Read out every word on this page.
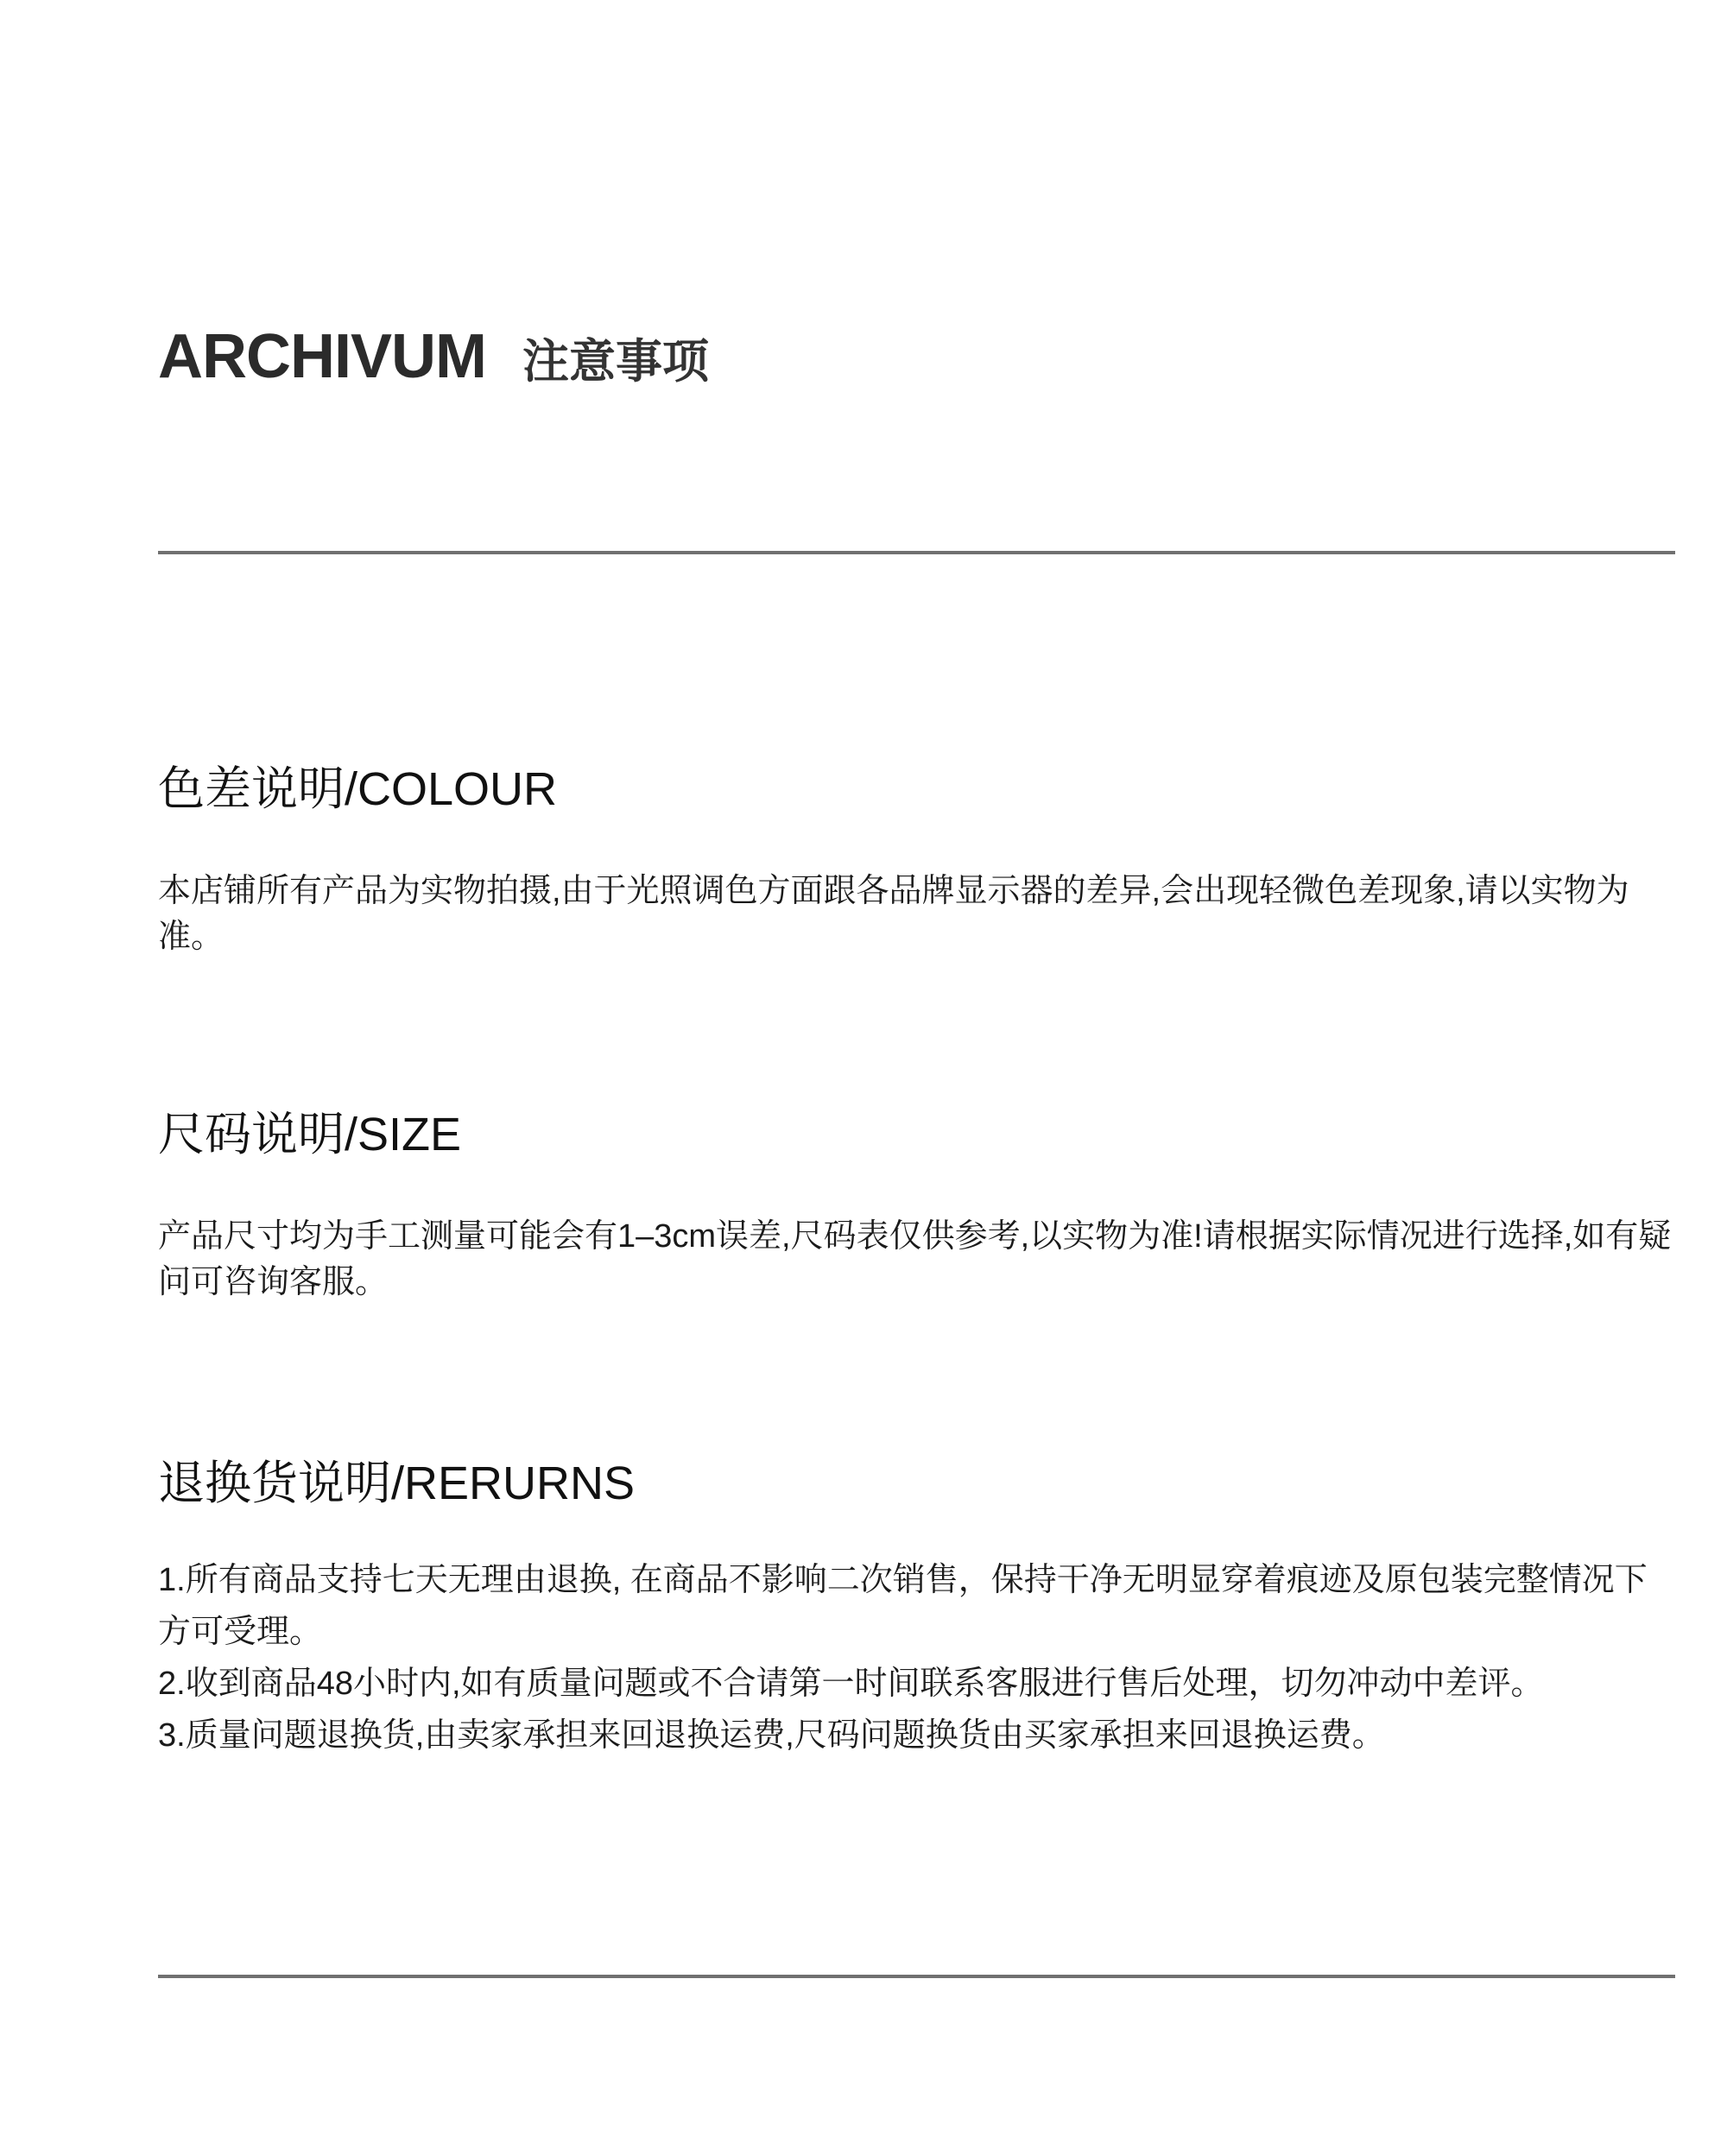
ARCHIVUM 注意事项
色差说明/COLOUR

本店铺所有产品为实物拍摄,由于光照调色方面跟各品牌显示器的差异,会出现轻微色差现象,请以实物为准。

尺码说明/SIZE

产品尺寸均为手工测量可能会有1–3cm误差,尺码表仅供参考,以实物为准!请根据实际情况进行选择,如有疑问可咨询客服。

退换货说明/RERURNS

1.所有商品支持七天无理由退换, 在商品不影响二次销售，保持干净无明显穿着痕迹及原包装完整情况下方可受理。

2.收到商品48小时内,如有质量问题或不合请第一时间联系客服进行售后处理，切勿冲动中差评。

3.质量问题退换货,由卖家承担来回退换运费,尺码问题换货由买家承担来回退换运费。
